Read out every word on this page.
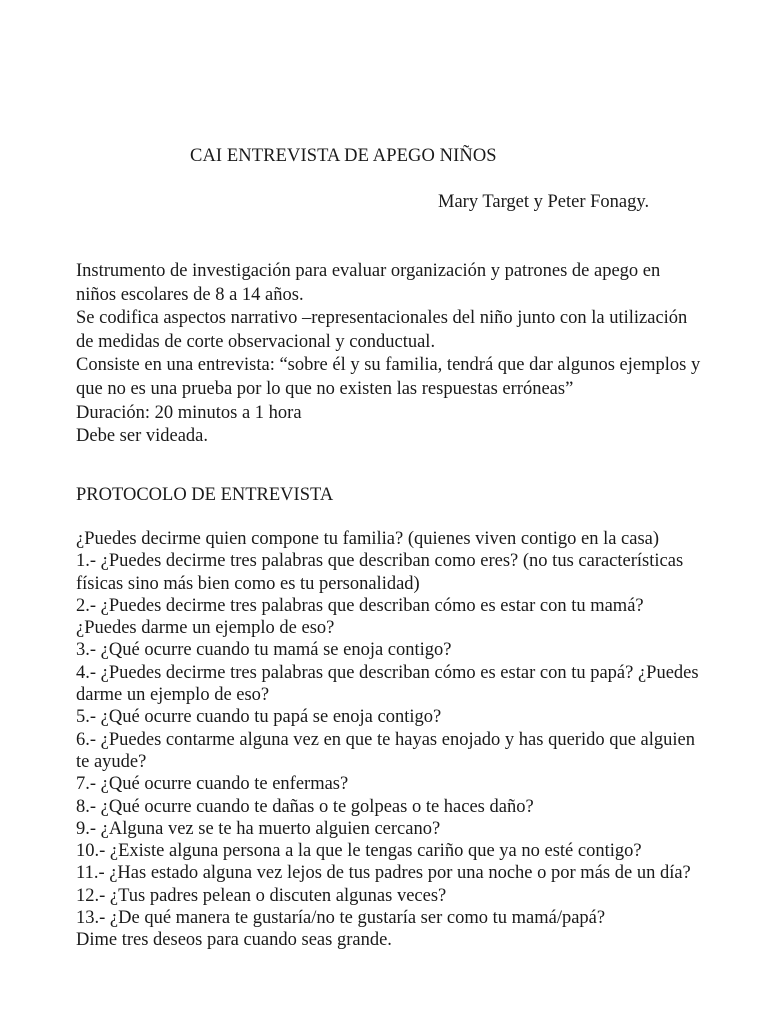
CAI ENTREVISTA DE APEGO NIÑOS
Mary Target y Peter Fonagy.
Instrumento de investigación para evaluar organización y patrones de apego en
niños escolares de 8 a 14 años.
Se codifica aspectos narrativo –representacionales del niño junto con la utilización
de medidas de corte observacional y conductual.
Consiste en una entrevista: “sobre él y su familia, tendrá que dar algunos ejemplos y
que no es una prueba por lo que no existen las respuestas erróneas”
Duración: 20 minutos a 1 hora
Debe ser videada.
PROTOCOLO DE ENTREVISTA
¿Puedes decirme quien compone tu familia? (quienes viven contigo en la casa)
1.- ¿Puedes decirme tres palabras que describan como eres? (no tus características
físicas sino más bien como es tu personalidad)
2.- ¿Puedes decirme tres palabras que describan cómo es estar con tu mamá?
¿Puedes darme un ejemplo de eso?
3.- ¿Qué ocurre cuando tu mamá se enoja contigo?
4.- ¿Puedes decirme tres palabras que describan cómo es estar con tu papá? ¿Puedes
darme un ejemplo de eso?
5.- ¿Qué ocurre cuando tu papá se enoja contigo?
6.- ¿Puedes contarme alguna vez en que te hayas enojado y has querido que alguien
te ayude?
7.- ¿Qué ocurre cuando te enfermas?
8.- ¿Qué ocurre cuando te dañas o te golpeas o te haces daño?
9.- ¿Alguna vez se te ha muerto alguien cercano?
10.- ¿Existe alguna persona a la que le tengas cariño que ya no esté contigo?
11.- ¿Has estado alguna vez lejos de tus padres por una noche o por más de un día?
12.- ¿Tus padres pelean o discuten algunas veces?
13.- ¿De qué manera te gustaría/no te gustaría ser como tu mamá/papá?
Dime tres deseos para cuando seas grande.
